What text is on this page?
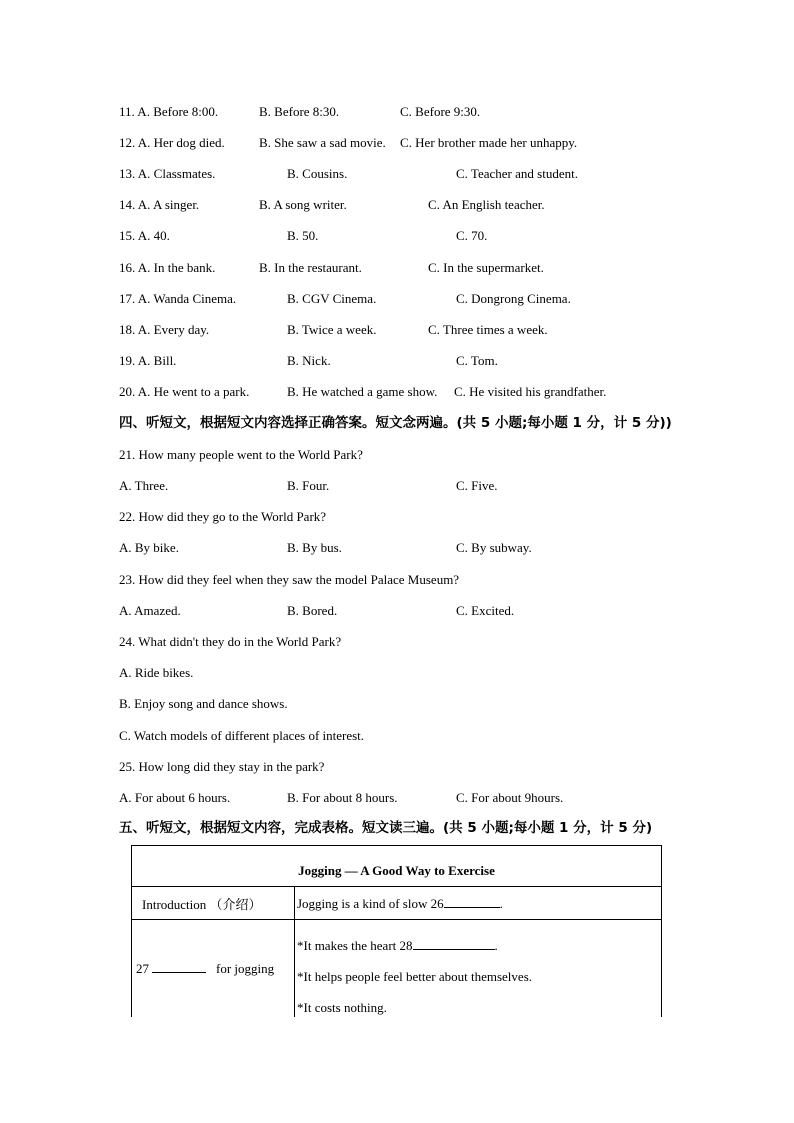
11. A. Before 8:00.	B. Before 8:30.	C. Before 9:30.
12. A. Her dog died.	B. She saw a sad movie. C. Her brother made her unhappy.
13. A. Classmates.	B. Cousins.	C. Teacher and student.
14. A. A singer.	B. A song writer.	C. An English teacher.
15. A. 40.	B. 50.	C. 70.
16. A. In the bank.	B. In the restaurant.	C. In the supermarket.
17. A. Wanda Cinema.	B. CGV Cinema.	C. Dongrong Cinema.
18. A. Every day.	B. Twice a week.	C. Three times a week.
19. A. Bill.	B. Nick.	C. Tom.
20. A. He went to a park.	B. He watched a game show. C. He visited his grandfather.
四、听短文，根据短文内容选择正确答案。短文念两遍。(共 5 小题;每小题 1 分，计 5 分))
21. How many people went to the World Park?
A. Three.	B. Four.	C. Five.
22. How did they go to the World Park?
A. By bike.	B. By bus.	C. By subway.
23. How did they feel when they saw the model Palace Museum?
A. Amazed.	B. Bored.	C. Excited.
24. What didn't they do in the World Park?
A. Ride bikes.
B. Enjoy song and dance shows.
C. Watch models of different places of interest.
25. How long did they stay in the park?
A. For about 6 hours.	B. For about 8 hours.	C. For about 9hours.
五、听短文，根据短文内容，完成表格。短文读三遍。(共 5 小题;每小题 1 分，计 5 分)
Jogging — A Good Way to Exercise	
Introduction （介绍）	Jogging is a kind of slow 26 .
27 for jogging	*It makes the heart 28 .
*It helps people feel better about themselves.
*It costs nothing.
